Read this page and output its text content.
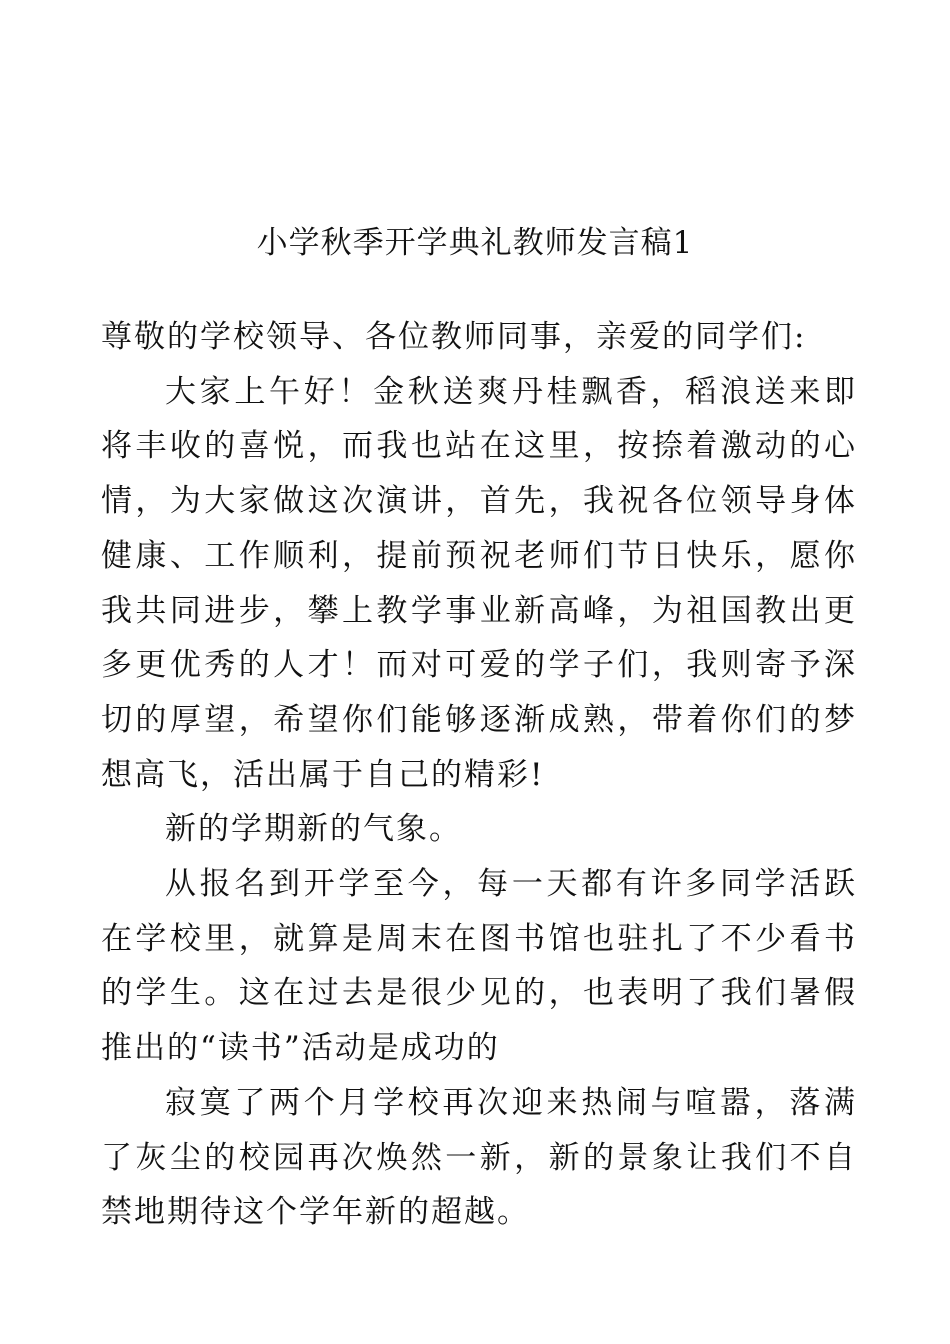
小学秋季开学典礼教师发言稿1

尊敬的学校领导、各位教师同事，亲爱的同学们:

大家上午好！金秋送爽丹桂飘香，稻浪送来即将丰收的喜悦，而我也站在这里，按捺着激动的心情，为大家做这次演讲，首先，我祝各位领导身体健康、工作顺利，提前预祝老师们节日快乐，愿你我共同进步，攀上教学事业新高峰，为祖国教出更多更优秀的人才！而对可爱的学子们，我则寄予深切的厚望，希望你们能够逐渐成熟，带着你们的梦想高飞，活出属于自己的精彩!

新的学期新的气象。

从报名到开学至今，每一天都有许多同学活跃在学校里，就算是周末在图书馆也驻扎了不少看书的学生。这在过去是很少见的，也表明了我们暑假推出的“读书”活动是成功的

寂寞了两个月学校再次迎来热闹与喧嚣，落满了灰尘的校园再次焕然一新，新的景象让我们不自禁地期待这个学年新的超越。
